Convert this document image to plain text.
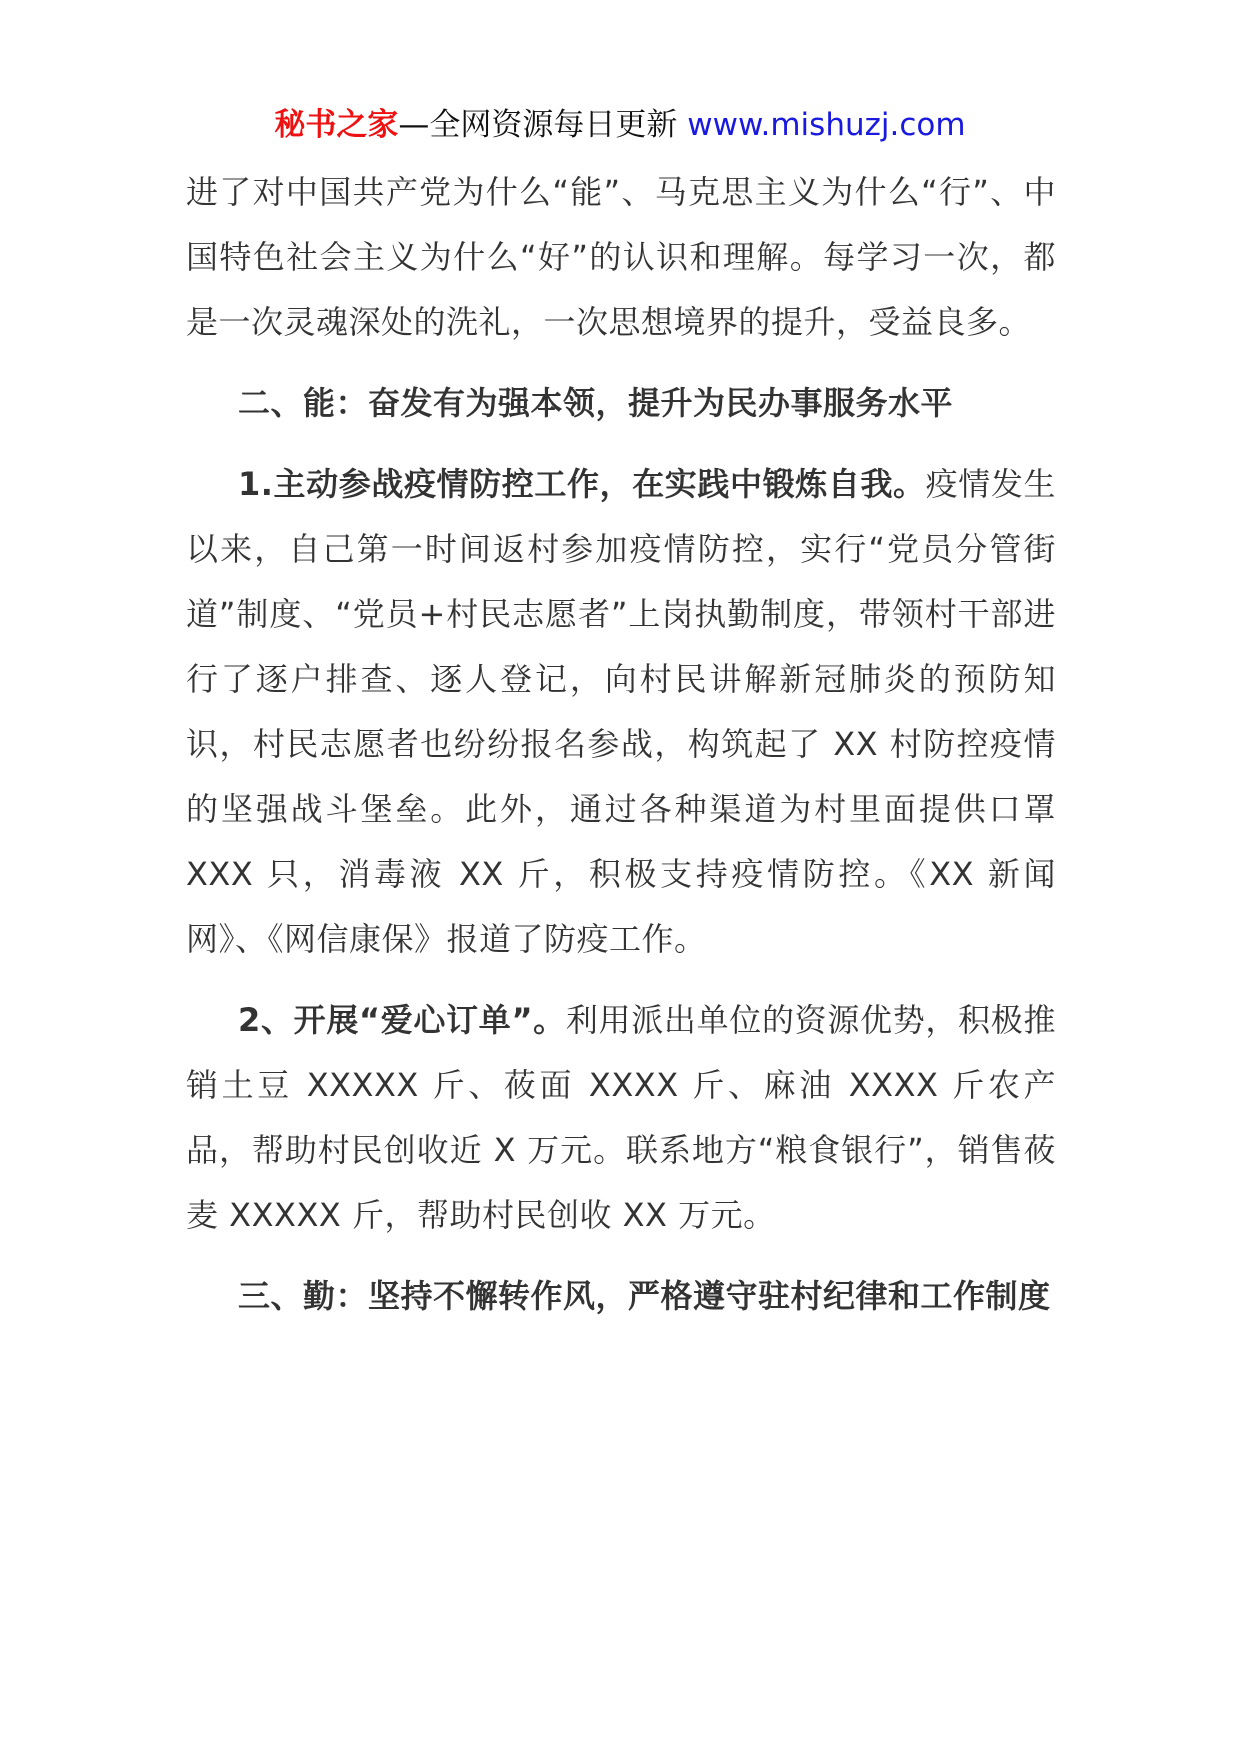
秘书之家—全网资源每日更新 www.mishuzj.com

进了对中国共产党为什么“能”、马克思主义为什么“行”、中国特色社会主义为什么“好”的认识和理解。每学习一次，都是一次灵魂深处的洗礼，一次思想境界的提升，受益良多。

二、能：奋发有为强本领，提升为民办事服务水平

1.主动参战疫情防控工作，在实践中锻炼自我。疫情发生以来，自己第一时间返村参加疫情防控，实行“党员分管街道”制度、“党员+村民志愿者”上岗执勤制度，带领村干部进行了逐户排查、逐人登记，向村民讲解新冠肺炎的预防知识，村民志愿者也纷纷报名参战，构筑起了 XX 村防控疫情的坚强战斗堡垒。此外，通过各种渠道为村里面提供口罩 XXX 只，消毒液 XX 斤，积极支持疫情防控。《XX 新闻网》、《网信康保》报道了防疫工作。

2、开展“爱心订单”。利用派出单位的资源优势，积极推销土豆 XXXXX 斤、莜面 XXXX 斤、麻油 XXXX 斤农产品，帮助村民创收近 X 万元。联系地方“粮食银行”，销售莜麦 XXXXX 斤，帮助村民创收 XX 万元。

三、勤：坚持不懈转作风，严格遵守驻村纪律和工作制度
